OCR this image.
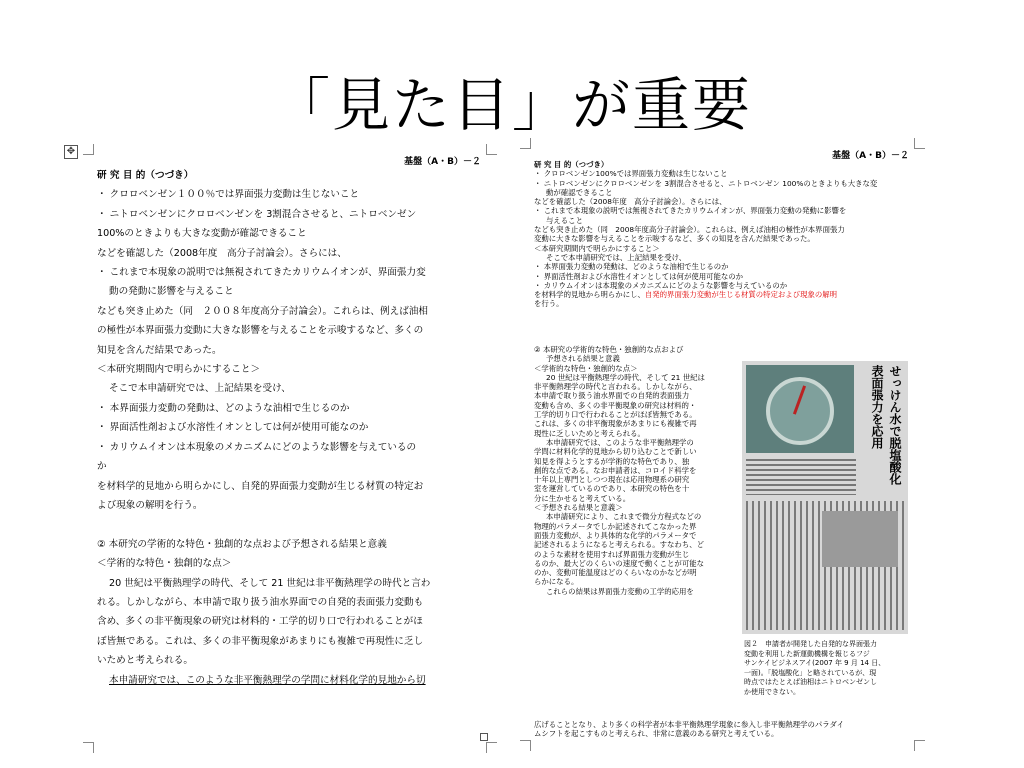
「見た目」が重要
✥
基盤（A・B）－２

研 究 目 的（つづき）

・ クロロベンゼン１００％では界面張力変動は生じないこと

・ ニトロベンゼンにクロロベンゼンを 3割混合させると、ニトロベンゼン

100%のときよりも大きな変動が確認できること

などを確認した（2008年度　高分子討論会）。さらには、

・ これまで本現象の説明では無視されてきたカリウムイオンが、界面張力変

動の発動に影響を与えること

なども突き止めた（同　２００８年度高分子討論会）。これらは、例えば油相

の極性が本界面張力変動に大きな影響を与えることを示唆するなど、多くの

知見を含んだ結果であった。

＜本研究期間内で明らかにすること＞

そこで本申請研究では、上記結果を受け、

・ 本界面張力変動の発動は、どのような油相で生じるのか

・ 界面活性剤および水溶性イオンとしては何が使用可能なのか

・ カリウムイオンは本現象のメカニズムにどのような影響を与えているの

か

を材料学的見地から明らかにし、自発的界面張力変動が生じる材質の特定お

よび現象の解明を行う。

② 本研究の学術的な特色・独創的な点および予想される結果と意義

＜学術的な特色・独創的な点＞

20 世紀は平衡熱理学の時代、そして 21 世紀は非平衡熱理学の時代と言わ

れる。しかしながら、本申請で取り扱う油水界面での自発的表面張力変動も

含め、多くの非平衡現象の研究は材料的・工学的切り口で行われることがほ

ぼ皆無である。これは、多くの非平衡現象があまりにも複雑で再現性に乏し

いためと考えられる。

本申請研究では、このような非平衡熱理学の学問に材料化学的見地から切

基盤（A・B）－２

研 究 目 的（つづき）

・ クロロベンゼン100%では界面張力変動は生じないこと

・ ニトロベンゼンにクロロベンゼンを 3割混合させると、ニトロベンゼン 100%のときよりも大きな変

動が確認できること

などを確認した（2008年度　高分子討論会）。さらには、

・ これまで本現象の説明では無視されてきたカリウムイオンが、界面張力変動の発動に影響を

与えること

なども突き止めた（同　2008年度高分子討論会）。これらは、例えば油相の極性が本界面張力

変動に大きな影響を与えることを示唆するなど、多くの知見を含んだ結果であった。

＜本研究期間内で明らかにすること＞

そこで本申請研究では、上記結果を受け、

・ 本界面張力変動の発動は、どのような油相で生じるのか

・ 界面活性剤および水溶性イオンとしては何が使用可能なのか

・ カリウムイオンは本現象のメカニズムにどのような影響を与えているのか

を材料学的見地から明らかにし、自発的界面張力変動が生じる材質の特定および現象の解明

を行う。

② 本研究の学術的な特色・独創的な点および

予想される結果と意義

＜学術的な特色・独創的な点＞

20 世紀は平衡熱理学の時代、そして 21 世紀は

非平衡熱理学の時代と言われる。しかしながら、

本申請で取り扱う油水界面での自発的表面張力

変動も含め、多くの非平衡現象の研究は材料的・

工学的切り口で行われることがほぼ皆無である。

これは、多くの非平衡現象があまりにも複雑で再

現性に乏しいためと考えられる。

本申請研究では、このような非平衡熱理学の

学問に材料化学的見地から切り込むことで新しい

知見を得ようとするが学術的な特色であり、独

創的な点である。なお申請者は、コロイド科学を

十年以上専門としつつ現在は応用物理系の研究

室を運営しているのであり、本研究の特色を十

分に生かせると考えている。

＜予想される結果と意義＞

本申請研究により、これまで微分方程式などの

物理的パラメータでしか記述されてこなかった界

面張力変動が、より具体的な化学的パラメータで

記述されるようになると考えられる。すなわち、ど

のような素材を使用すれば界面張力変動が生じ

るのか、最大どのくらいの速度で動くことが可能な

のか、変動可能温度はどのくらいなのかなどが明

らかになる。

これらの結果は界面張力変動の工学的応用を

せっけん水で脱塩酸化 表面張力を応用

図２　申請者が開発した自発的な界面張力

変動を利用した新運動機構を報じるフジ

サンケイビジネスアイ(2007 年 9 月 14 日、

一面)。「脱塩酸化」と略されているが、現

時点ではたとえば油相はニトロベンゼンし

か使用できない。

広げることとなり、より多くの科学者が本非平衡熱理学現象に参入し非平衡熱理学のパラダイ

ムシフトを起こすものと考えられ、非常に意義のある研究と考えている。
